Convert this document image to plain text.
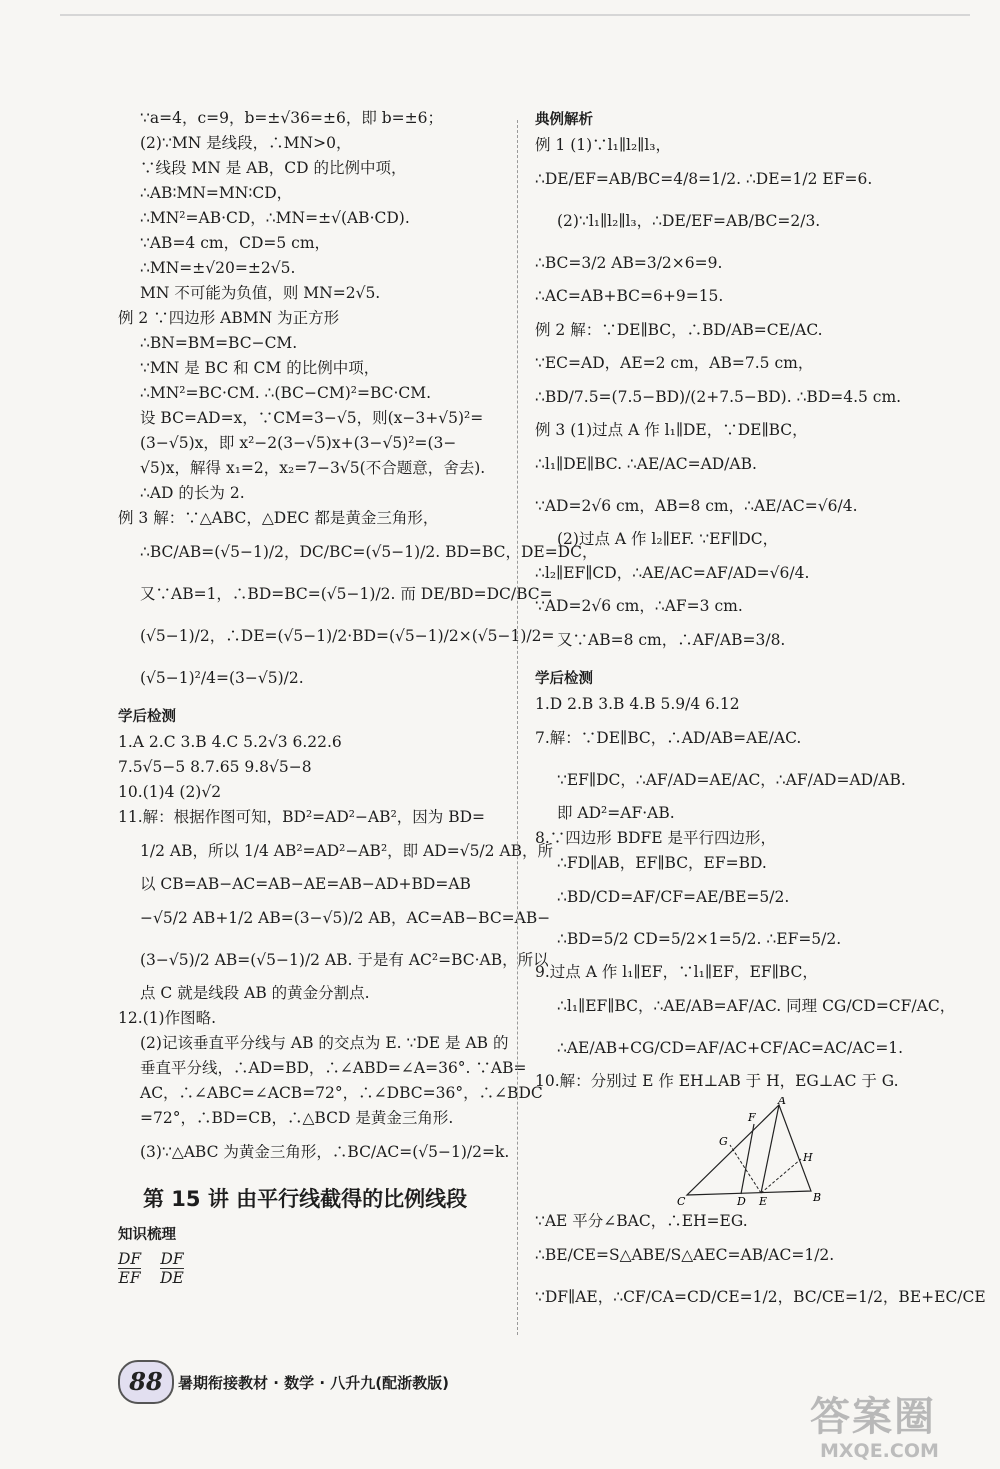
∵a=4，c=9，b=±√36=±6，即 b=±6；
(2)∵MN 是线段，∴MN>0，
∵线段 MN 是 AB，CD 的比例中项，
∴AB∶MN=MN∶CD，
∴MN²=AB·CD，∴MN=±√(AB·CD).
∵AB=4 cm，CD=5 cm，
∴MN=±√20=±2√5.
MN 不可能为负值，则 MN=2√5.
例 2 ∵四边形 ABMN 为正方形
∴BN=BM=BC−CM.
∵MN 是 BC 和 CM 的比例中项，
∴MN²=BC·CM. ∴(BC−CM)²=BC·CM.
设 BC=AD=x，∵CM=3−√5，则(x−3+√5)²=
(3−√5)x，即 x²−2(3−√5)x+(3−√5)²=(3−
√5)x，解得 x₁=2，x₂=7−3√5(不合题意，舍去).
∴AD 的长为 2.
例 3 解：∵△ABC，△DEC 都是黄金三角形，
∴BC/AB=(√5−1)/2，DC/BC=(√5−1)/2. BD=BC，DE=DC，
又∵AB=1，∴BD=BC=(√5−1)/2. 而 DE/BD=DC/BC=
(√5−1)/2，∴DE=(√5−1)/2·BD=(√5−1)/2×(√5−1)/2=
(√5−1)²/4=(3−√5)/2.
学后检测
1.A 2.C 3.B 4.C 5.2√3 6.22.6
7.5√5−5 8.7.65 9.8√5−8
10.(1)4 (2)√2
11.解：根据作图可知，BD²=AD²−AB²，因为 BD=
1/2 AB，所以 1/4 AB²=AD²−AB²，即 AD=√5/2 AB，所
以 CB=AB−AC=AB−AE=AB−AD+BD=AB
−√5/2 AB+1/2 AB=(3−√5)/2 AB，AC=AB−BC=AB−
(3−√5)/2 AB=(√5−1)/2 AB. 于是有 AC²=BC·AB，所以
点 C 就是线段 AB 的黄金分割点.
12.(1)作图略.
(2)记该垂直平分线与 AB 的交点为 E. ∵DE 是 AB 的
垂直平分线，∴AD=BD，∴∠ABD=∠A=36°. ∵AB=
AC，∴∠ABC=∠ACB=72°，∴∠DBC=36°，∴∠BDC
=72°，∴BD=CB，∴△BCD 是黄金三角形.
(3)∵△ABC 为黄金三角形，∴BC/AC=(√5−1)/2=k.
第 15 讲 由平行线截得的比例线段
知识梳理
$\frac{DF}{EF} \frac{DF}{DE}$
典例解析
例 1 (1)∵l₁∥l₂∥l₃，
∴DE/EF=AB/BC=4/8=1/2. ∴DE=1/2 EF=6.
(2)∵l₁∥l₂∥l₃，∴DE/EF=AB/BC=2/3.
∴BC=3/2 AB=3/2×6=9.
∴AC=AB+BC=6+9=15.
例 2 解：∵DE∥BC，∴BD/AB=CE/AC.
∵EC=AD，AE=2 cm，AB=7.5 cm，
∴BD/7.5=(7.5−BD)/(2+7.5−BD). ∴BD=4.5 cm.
例 3 (1)过点 A 作 l₁∥DE，∵DE∥BC，
∴l₁∥DE∥BC. ∴AE/AC=AD/AB.
∵AD=2√6 cm，AB=8 cm，∴AE/AC=√6/4.
(2)过点 A 作 l₂∥EF. ∵EF∥DC，
∴l₂∥EF∥CD，∴AE/AC=AF/AD=√6/4.
∵AD=2√6 cm，∴AF=3 cm.
又∵AB=8 cm，∴AF/AB=3/8.
学后检测
1.D 2.B 3.B 4.B 5.9/4 6.12
7.解：∵DE∥BC，∴AD/AB=AE/AC.
∵EF∥DC，∴AF/AD=AE/AC，∴AF/AD=AD/AB.
即 AD²=AF·AB.
8.∵四边形 BDFE 是平行四边形，
∴FD∥AB，EF∥BC，EF=BD.
∴BD/CD=AF/CF=AE/BE=5/2.
∴BD=5/2 CD=5/2×1=5/2. ∴EF=5/2.
9.过点 A 作 l₁∥EF，∵l₁∥EF，EF∥BC，
∴l₁∥EF∥BC，∴AE/AB=AF/AC. 同理 CG/CD=CF/AC，
∴AE/AB+CG/CD=AF/AC+CF/AC=AC/AC=1.
10.解：分别过 E 作 EH⊥AB 于 H，EG⊥AC 于 G.
A
F
G
H
C	D E	B
∵AE 平分∠BAC，∴EH=EG.
∴BE/CE=S△ABE/S△AEC=AB/AC=1/2.
∵DF∥AE，∴CF/CA=CD/CE=1/2，BC/CE=1/2，BE+EC/CE
88	暑期衔接教材 · 数学 · 八升九(配浙教版)
答案圈
MXQE.COM
